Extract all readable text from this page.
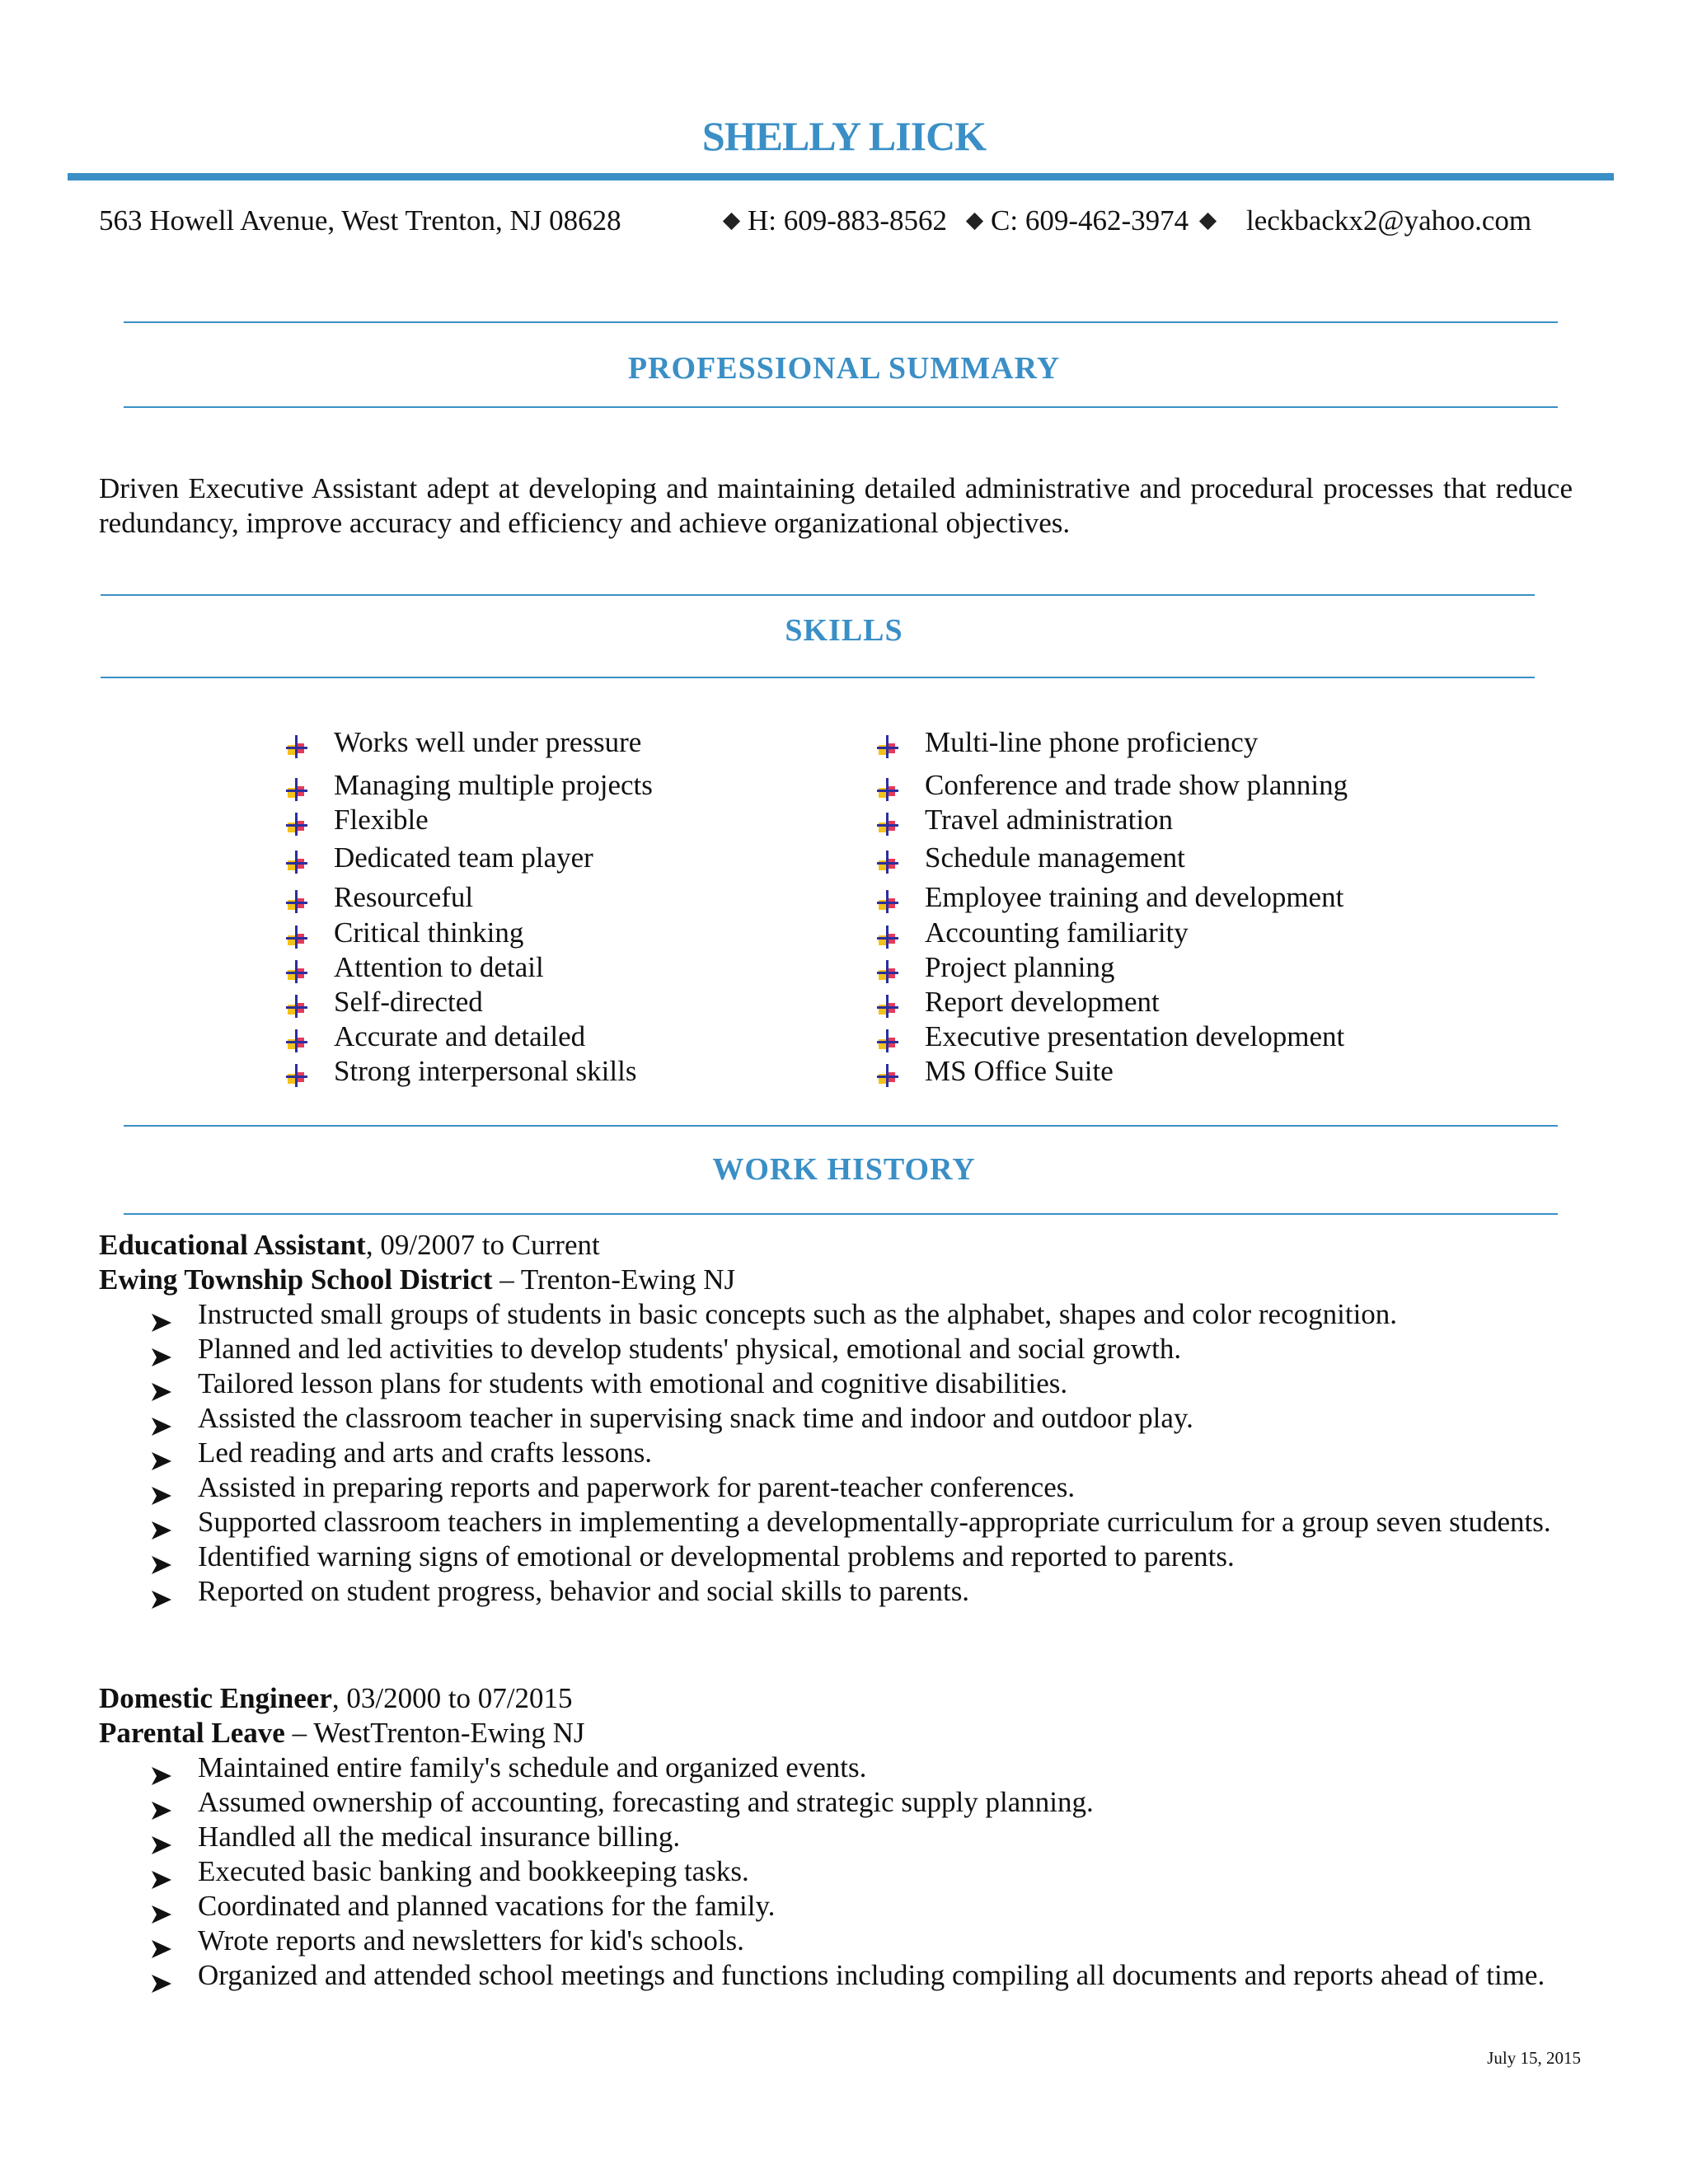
SHELLY LIICK
563 Howell Avenue, West Trenton, NJ 08628	H: 609-883-8562 C: 609-462-3974 leckbackx2@yahoo.com
PROFESSIONAL SUMMARY
Driven Executive Assistant adept at developing and maintaining detailed administrative and procedural processes that reduce redundancy, improve accuracy and efficiency and achieve organizational objectives.
SKILLS
Works well under pressure
Managing multiple projects
Flexible
Dedicated team player
Resourceful
Critical thinking
Attention to detail
Self-directed
Accurate and detailed
Strong interpersonal skills
Multi-line phone proficiency
Conference and trade show planning
Travel administration
Schedule management
Employee training and development
Accounting familiarity
Project planning
Report development
Executive presentation development
MS Office Suite
WORK HISTORY
Educational Assistant, 09/2007 to Current
Ewing Township School District – Trenton-Ewing NJ
Instructed small groups of students in basic concepts such as the alphabet, shapes and color recognition.
Planned and led activities to develop students' physical, emotional and social growth.
Tailored lesson plans for students with emotional and cognitive disabilities.
Assisted the classroom teacher in supervising snack time and indoor and outdoor play.
Led reading and arts and crafts lessons.
Assisted in preparing reports and paperwork for parent-teacher conferences.
Supported classroom teachers in implementing a developmentally-appropriate curriculum for a group seven students.
Identified warning signs of emotional or developmental problems and reported to parents.
Reported on student progress, behavior and social skills to parents.
Domestic Engineer, 03/2000 to 07/2015
Parental Leave – WestTrenton-Ewing NJ
Maintained entire family's schedule and organized events.
Assumed ownership of accounting, forecasting and strategic supply planning.
Handled all the medical insurance billing.
Executed basic banking and bookkeeping tasks.
Coordinated and planned vacations for the family.
Wrote reports and newsletters for kid's schools.
Organized and attended school meetings and functions including compiling all documents and reports ahead of time.
July 15, 2015
